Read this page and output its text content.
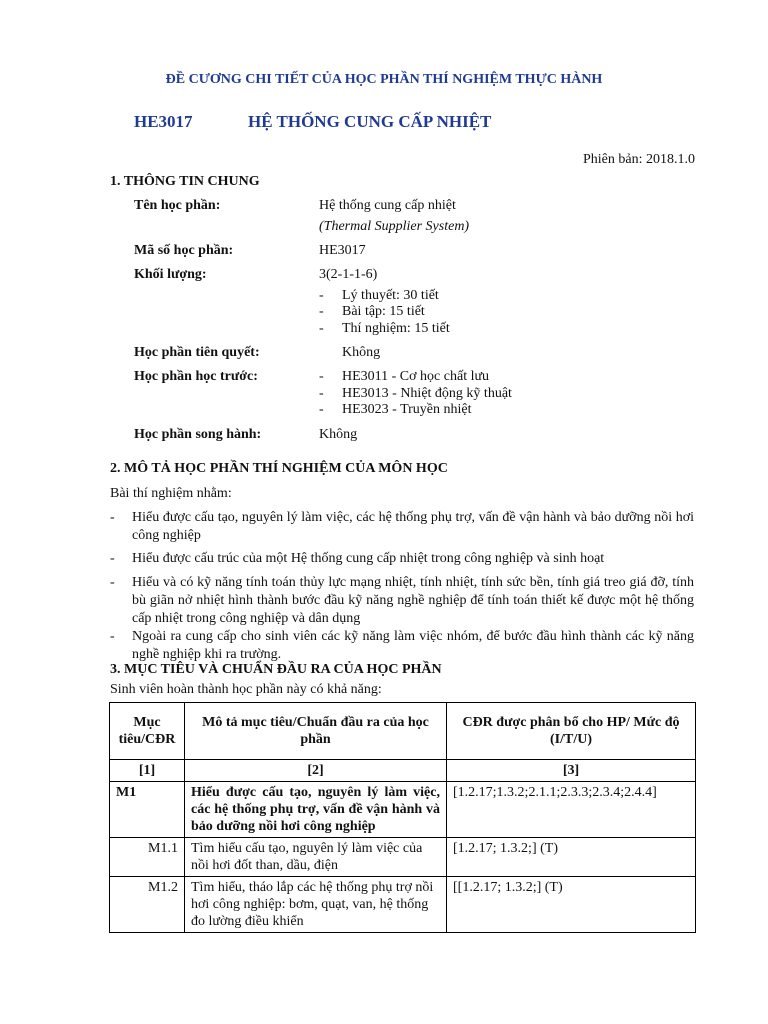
ĐỀ CƯƠNG CHI TIẾT CỦA HỌC PHẦN THÍ NGHIỆM THỰC HÀNH
HE3017	HỆ THỐNG CUNG CẤP NHIỆT
Phiên bản: 2018.1.0
1. THÔNG TIN CHUNG
Tên học phần:	Hệ thống cung cấp nhiệt
(Thermal Supplier System)
Mã số học phần:	HE3017
Khối lượng:	3(2-1-1-6)
- Lý thuyết: 30 tiết
- Bài tập: 15 tiết
- Thí nghiệm: 15 tiết
Học phần tiên quyết:	Không
Học phần học trước:	- HE3011 - Cơ học chất lưu
- HE3013 - Nhiệt động kỹ thuật
- HE3023 - Truyền nhiệt
Học phần song hành:	Không
2. MÔ TẢ HỌC PHẦN THÍ NGHIỆM CỦA MÔN HỌC
Bài thí nghiệm nhằm:
- Hiểu được cấu tạo, nguyên lý làm việc, các hệ thống phụ trợ, vấn đề vận hành và bảo dưỡng nồi hơi công nghiệp
- Hiểu được cấu trúc của một Hệ thống cung cấp nhiệt trong công nghiệp và sinh hoạt
- Hiểu và có kỹ năng tính toán thủy lực mạng nhiệt, tính nhiệt, tính sức bền, tính giá treo giá đỡ, tính bù giãn nở nhiệt hình thành bước đầu kỹ năng nghề nghiệp để tính toán thiết kế được một hệ thống cấp nhiệt trong công nghiệp và dân dụng
- Ngoài ra cung cấp cho sinh viên các kỹ năng làm việc nhóm, để bước đầu hình thành các kỹ năng nghề nghiệp khi ra trường.
3. MỤC TIÊU VÀ CHUẨN ĐẦU RA CỦA HỌC PHẦN
Sinh viên hoàn thành học phần này có khả năng:
Mục tiêu/CĐR	Mô tả mục tiêu/Chuẩn đầu ra của học phần	CĐR được phân bổ cho HP/ Mức độ (I/T/U)
[1]	[2]	[3]
M1	Hiểu được cấu tạo, nguyên lý làm việc, các hệ thống phụ trợ, vấn đề vận hành và bảo dưỡng nồi hơi công nghiệp	[1.2.17;1.3.2;2.1.1;2.3.3;2.3.4;2.4.4]
M1.1	Tìm hiểu cấu tạo, nguyên lý làm việc của nồi hơi đốt than, dầu, điện	[1.2.17; 1.3.2;] (T)
M1.2	Tìm hiểu, tháo lắp các hệ thống phụ trợ nồi hơi công nghiệp: bơm, quạt, van, hệ thống đo lường điều khiển	[[1.2.17; 1.3.2;] (T)
